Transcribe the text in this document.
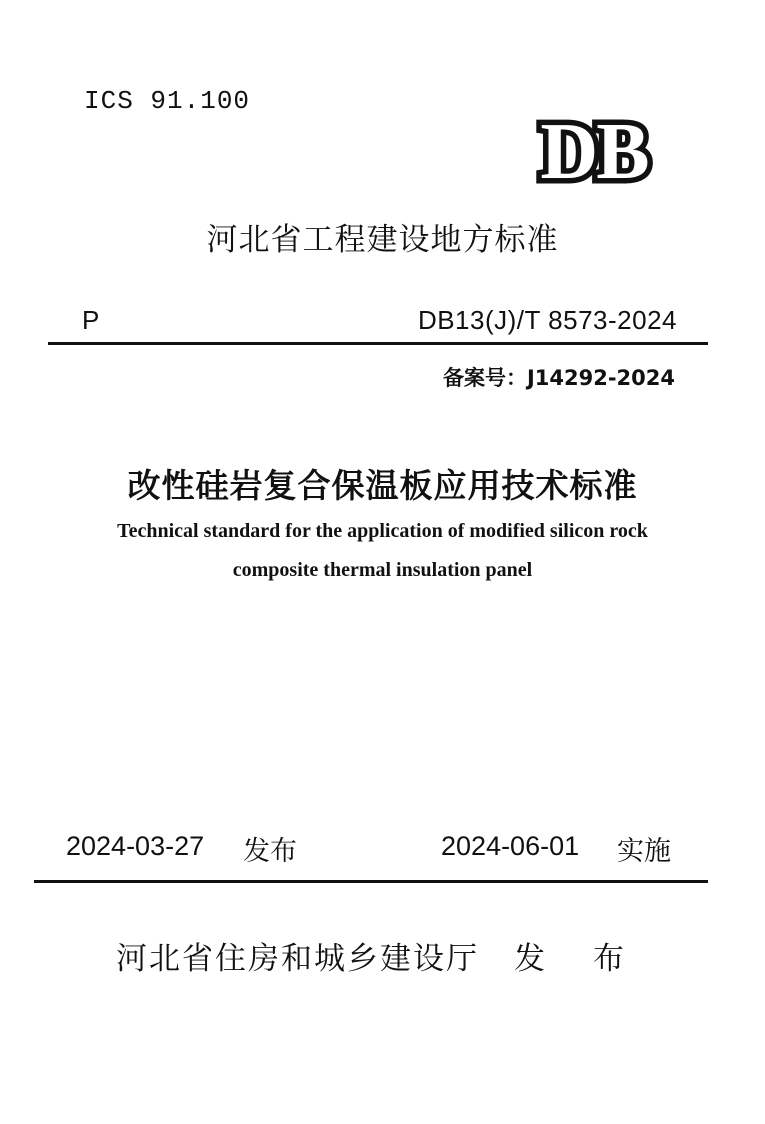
ICS 91.100
DB
河北省工程建设地方标准
P	DB13(J)/T 8573-2024
备案号：J14292-2024
改性硅岩复合保温板应用技术标准
Technical standard for the application of modified silicon rock
composite thermal insulation panel
2024-03-27 发布	2024-06-01 实施
河北省住房和城乡建设厅 发 布
